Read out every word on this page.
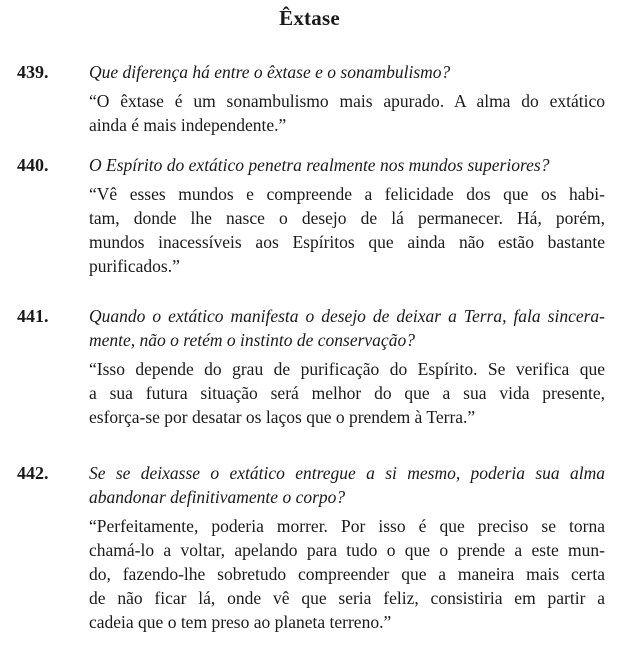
Êxtase
439. Que diferença há entre o êxtase e o sonambulismo?
“O êxtase é um sonambulismo mais apurado. A alma do extático
ainda é mais independente.”
440. O Espírito do extático penetra realmente nos mundos superiores?
“Vê esses mundos e compreende a felicidade dos que os habi-
tam, donde lhe nasce o desejo de lá permanecer. Há, porém,
mundos inacessíveis aos Espíritos que ainda não estão bastante
purificados.”
441. Quando o extático manifesta o desejo de deixar a Terra, fala sincera-
mente, não o retém o instinto de conservação?
“Isso depende do grau de purificação do Espírito. Se verifica que
a sua futura situação será melhor do que a sua vida presente,
esforça-se por desatar os laços que o prendem à Terra.”
442. Se se deixasse o extático entregue a si mesmo, poderia sua alma
abandonar definitivamente o corpo?
“Perfeitamente, poderia morrer. Por isso é que preciso se torna
chamá-lo a voltar, apelando para tudo o que o prende a este mun-
do, fazendo-lhe sobretudo compreender que a maneira mais certa
de não ficar lá, onde vê que seria feliz, consistiria em partir a
cadeia que o tem preso ao planeta terreno.”
